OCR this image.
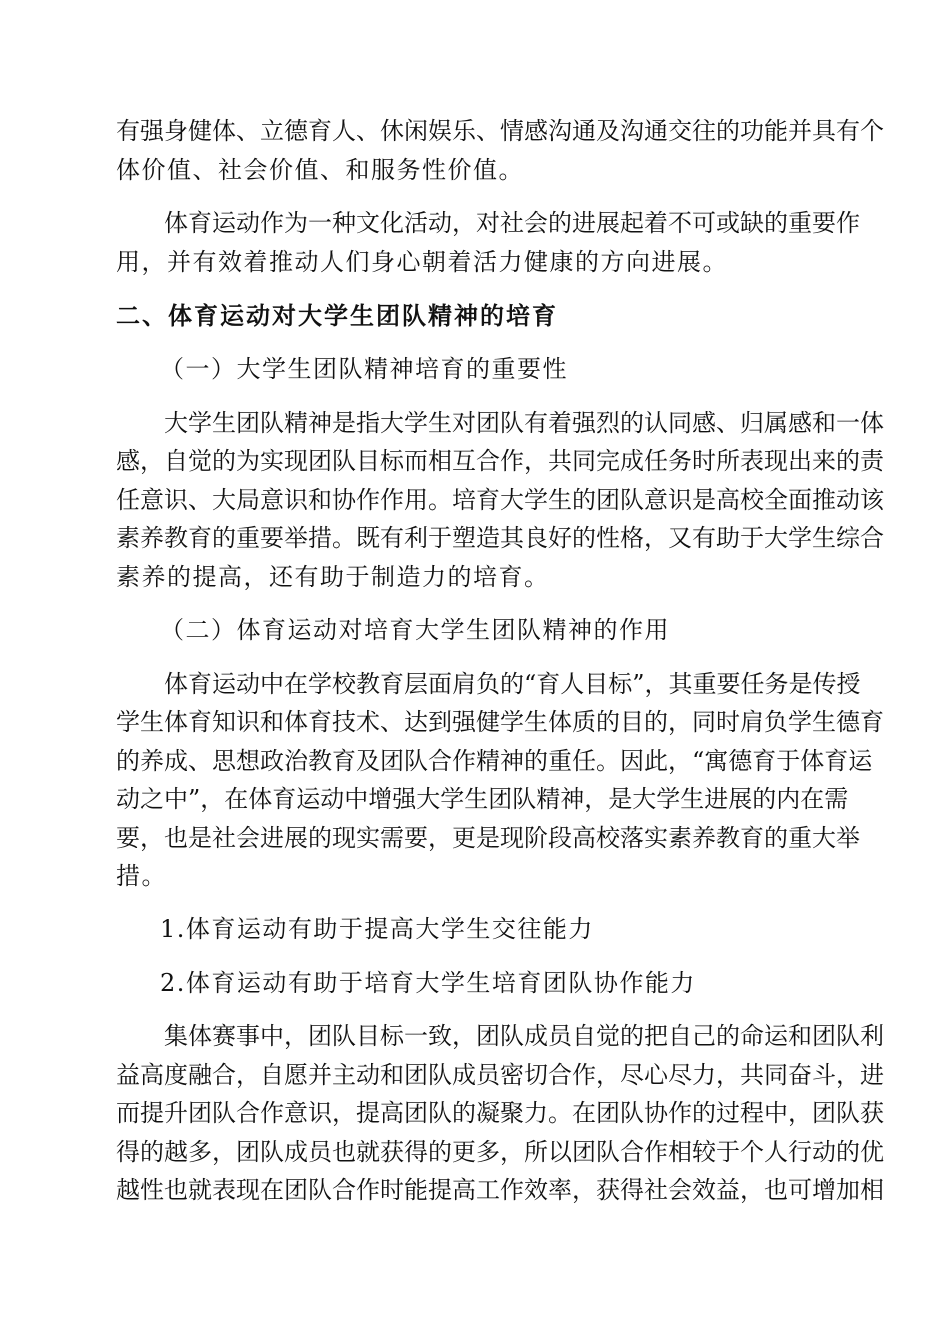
有强身健体、立德育人、休闲娱乐、情感沟通及沟通交往的功能并具有个
体价值、社会价值、和服务性价值。
体育运动作为一种文化活动，对社会的进展起着不可或缺的重要作
用，并有效着推动人们身心朝着活力健康的方向进展。
二、体育运动对大学生团队精神的培育
（一）大学生团队精神培育的重要性
大学生团队精神是指大学生对团队有着强烈的认同感、归属感和一体
感，自觉的为实现团队目标而相互合作，共同完成任务时所表现出来的责
任意识、大局意识和协作作用。培育大学生的团队意识是高校全面推动该
素养教育的重要举措。既有利于塑造其良好的性格，又有助于大学生综合
素养的提高，还有助于制造力的培育。
（二）体育运动对培育大学生团队精神的作用
体育运动中在学校教育层面肩负的“育人目标”，其重要任务是传授
学生体育知识和体育技术、达到强健学生体质的目的，同时肩负学生德育
的养成、思想政治教育及团队合作精神的重任。因此，“寓德育于体育运
动之中”，在体育运动中增强大学生团队精神，是大学生进展的内在需
要，也是社会进展的现实需要，更是现阶段高校落实素养教育的重大举
措。
1.体育运动有助于提高大学生交往能力
2.体育运动有助于培育大学生培育团队协作能力
集体赛事中，团队目标一致，团队成员自觉的把自己的命运和团队利
益高度融合，自愿并主动和团队成员密切合作，尽心尽力，共同奋斗，进
而提升团队合作意识，提高团队的凝聚力。在团队协作的过程中，团队获
得的越多，团队成员也就获得的更多，所以团队合作相较于个人行动的优
越性也就表现在团队合作时能提高工作效率，获得社会效益，也可增加相
